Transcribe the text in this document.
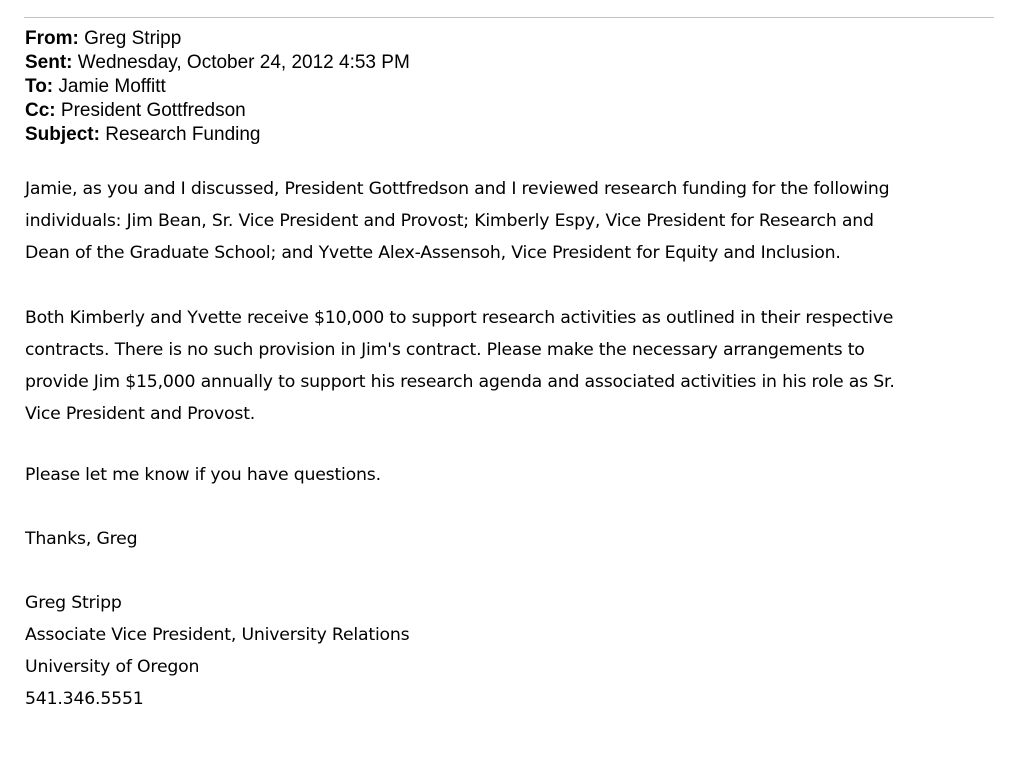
From: Greg Stripp
Sent: Wednesday, October 24, 2012 4:53 PM
To: Jamie Moffitt
Cc: President Gottfredson
Subject: Research Funding
Jamie, as you and I discussed, President Gottfredson and I reviewed research funding for the following
individuals: Jim Bean, Sr. Vice President and Provost; Kimberly Espy, Vice President for Research and
Dean of the Graduate School; and Yvette Alex-Assensoh, Vice President for Equity and Inclusion.
Both Kimberly and Yvette receive $10,000 to support research activities as outlined in their respective
contracts. There is no such provision in Jim's contract. Please make the necessary arrangements to
provide Jim $15,000 annually to support his research agenda and associated activities in his role as Sr.
Vice President and Provost.
Please let me know if you have questions.
Thanks, Greg
Greg Stripp
Associate Vice President, University Relations
University of Oregon
541.346.5551
